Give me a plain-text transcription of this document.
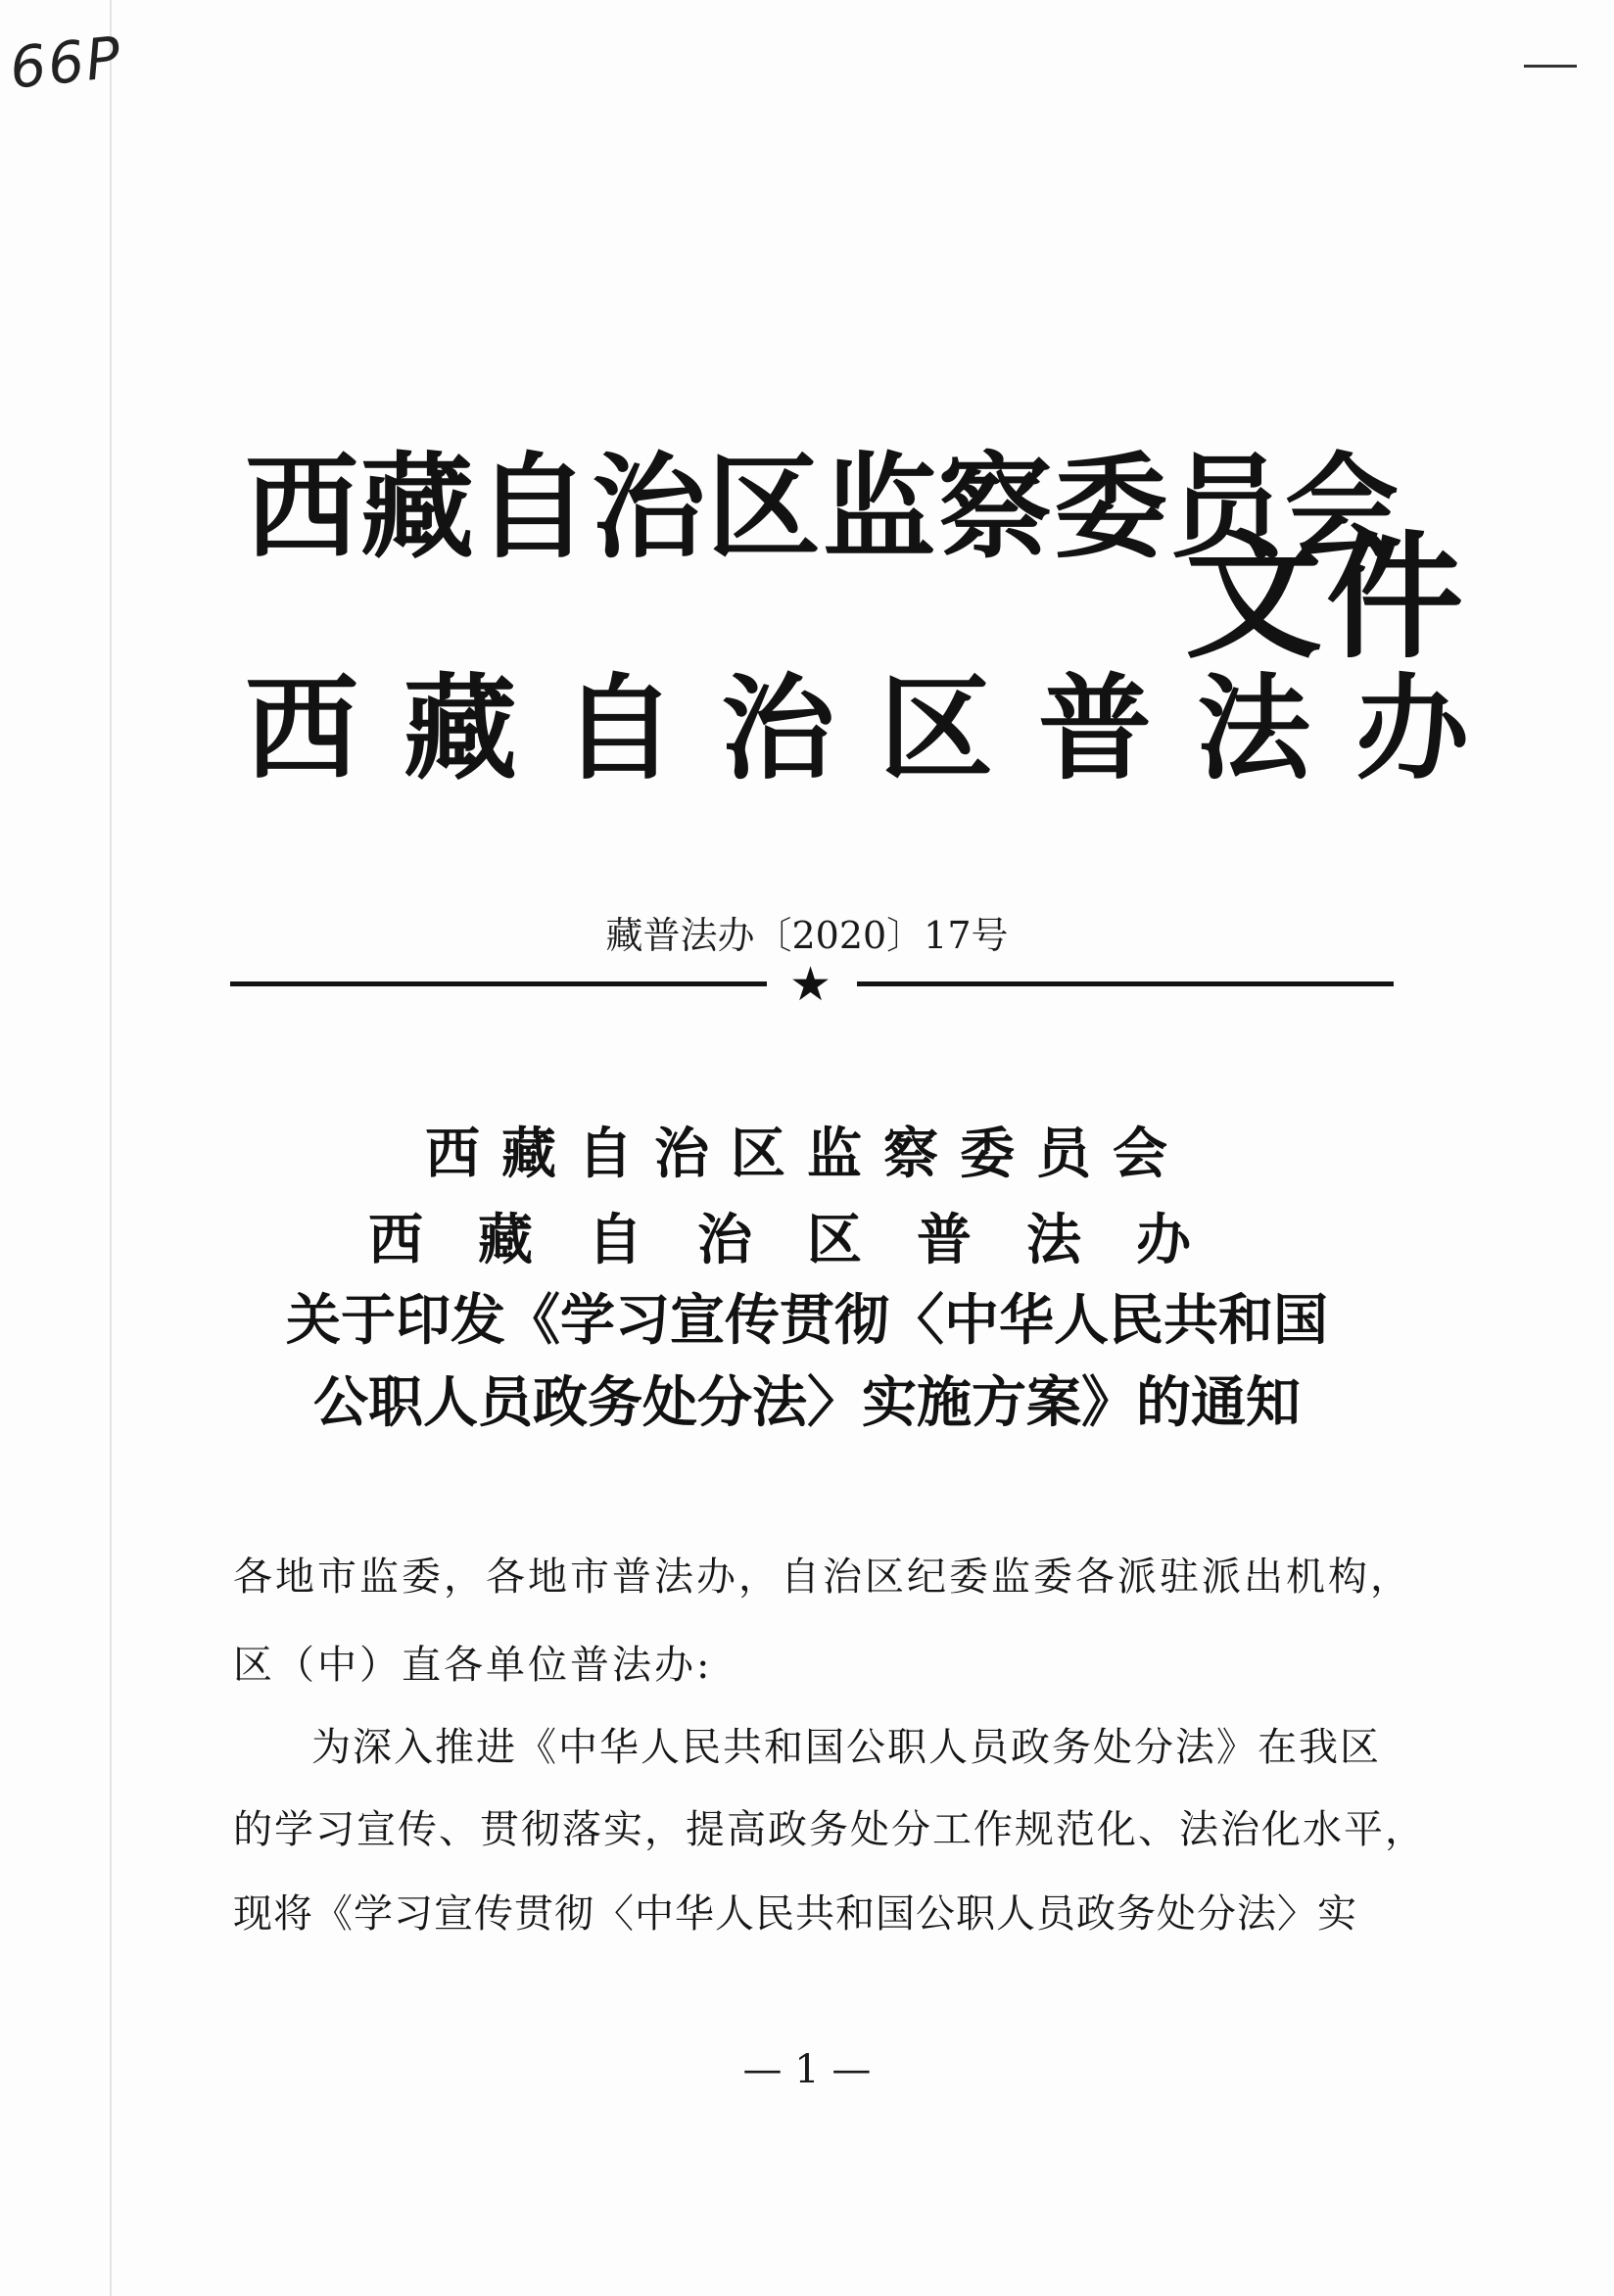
66P
西藏自治区监察委员会
西藏自治区普法办
文件
藏普法办〔2020〕17号
★
西藏自治区监察委员会
西藏自治区普法办
关于印发《学习宣传贯彻〈中华人民共和国
公职人员政务处分法〉实施方案》的通知
各地市监委，各地市普法办，自治区纪委监委各派驻派出机构，
区（中）直各单位普法办:
为深入推进《中华人民共和国公职人员政务处分法》在我区
的学习宣传、贯彻落实，提高政务处分工作规范化、法治化水平，
现将《学习宣传贯彻〈中华人民共和国公职人员政务处分法〉实
— 1 —
